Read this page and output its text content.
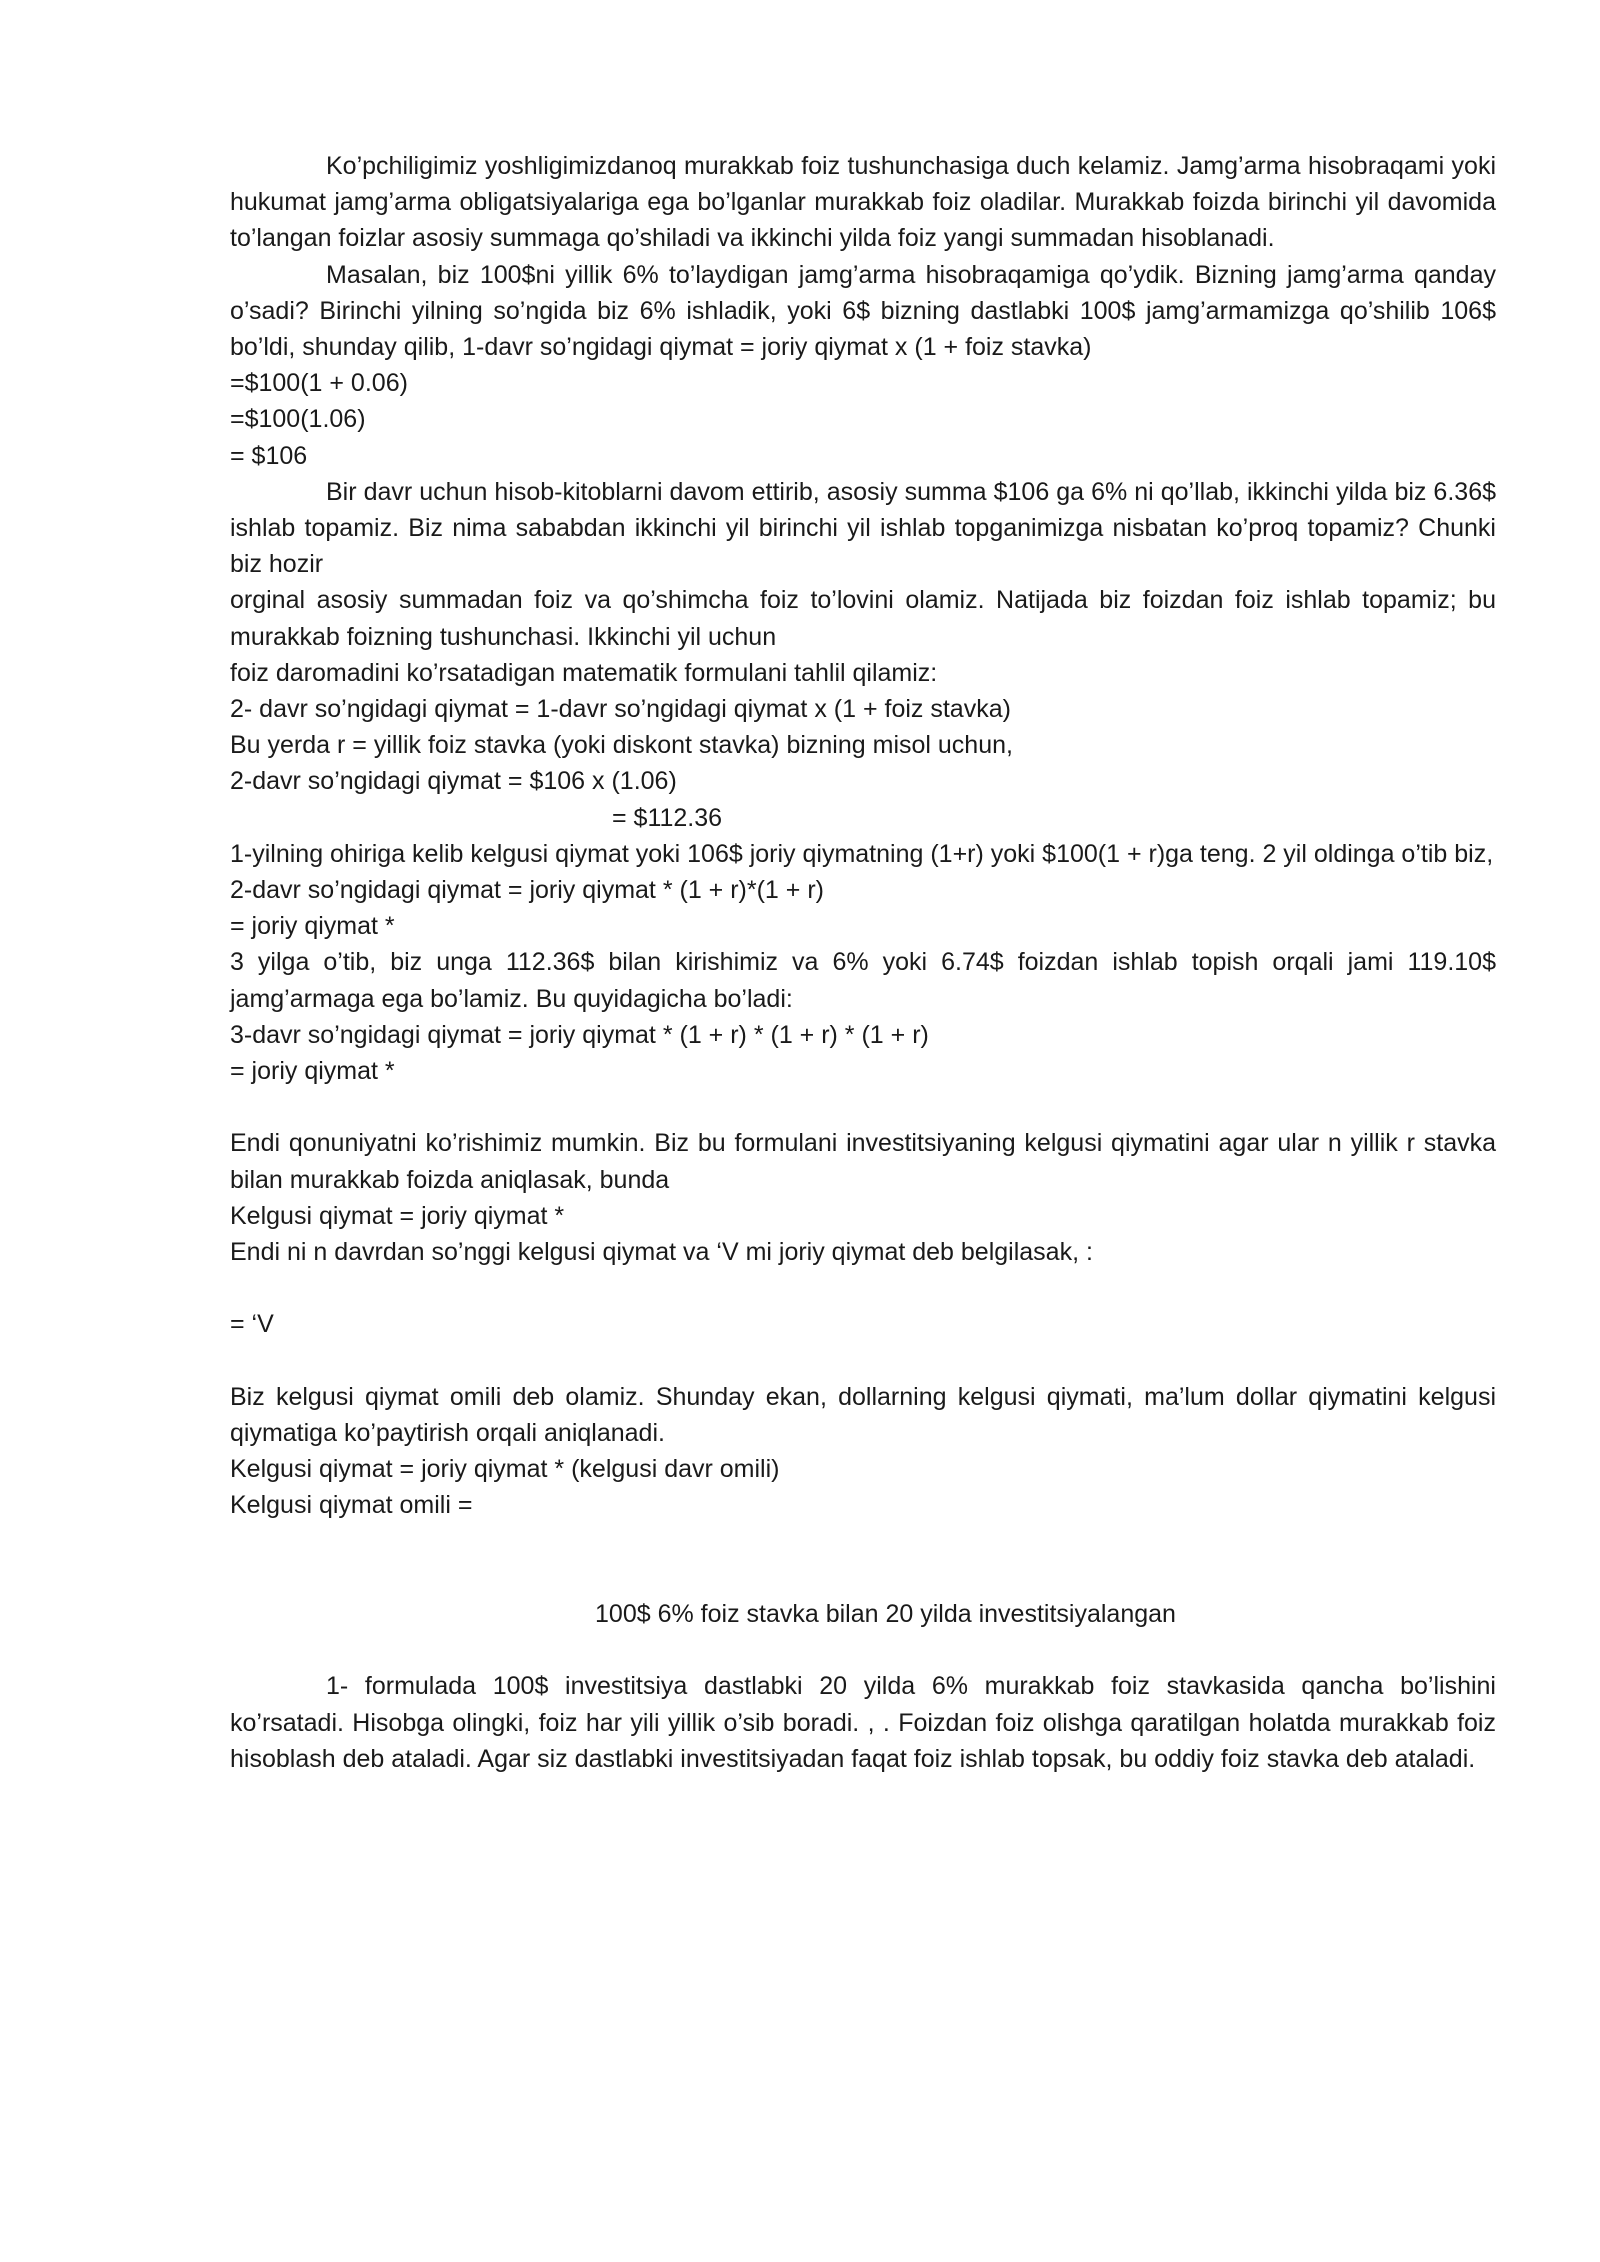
Ko’pchiligimiz yoshligimizdanoq murakkab foiz tushunchasiga duch kelamiz. Jamg’arma hisobraqami yoki hukumat jamg’arma obligatsiyalariga ega bo’lganlar murakkab foiz oladilar. Murakkab foizda birinchi yil davomida to’langan foizlar asosiy summaga qo’shiladi va ikkinchi yilda foiz yangi summadan hisoblanadi.

Masalan, biz 100$ni yillik 6% to’laydigan jamg’arma hisobraqamiga qo’ydik. Bizning jamg’arma qanday o’sadi? Birinchi yilning so’ngida biz 6% ishladik, yoki 6$ bizning dastlabki 100$ jamg’armamizga qo’shilib 106$ bo’ldi, shunday qilib, 1-davr so’ngidagi qiymat = joriy qiymat x (1 + foiz stavka)

=$100(1 + 0.06)

=$100(1.06)

= $106

Bir davr uchun hisob-kitoblarni davom ettirib, asosiy summa $106 ga 6% ni qo’llab, ikkinchi yilda biz 6.36$ ishlab topamiz. Biz nima sababdan ikkinchi yil birinchi yil ishlab topganimizga nisbatan ko’proq topamiz? Chunki biz hozir

orginal asosiy summadan foiz va qo’shimcha foiz to’lovini olamiz. Natijada biz foizdan foiz ishlab topamiz; bu murakkab foizning tushunchasi. Ikkinchi yil uchun

foiz daromadini ko’rsatadigan matematik formulani tahlil qilamiz:

2- davr so’ngidagi qiymat = 1-davr so’ngidagi qiymat x (1 + foiz stavka)

Bu yerda r = yillik foiz stavka (yoki diskont stavka) bizning misol uchun,

2-davr so’ngidagi qiymat = $106 x (1.06)

= $112.36

1-yilning ohiriga kelib kelgusi qiymat yoki 106$ joriy qiymatning (1+r) yoki $100(1 + r)ga teng. 2 yil oldinga o’tib biz,

2-davr so’ngidagi qiymat = joriy qiymat * (1 + r)*(1 + r)

= joriy qiymat *

3 yilga o’tib, biz unga 112.36$ bilan kirishimiz va 6% yoki 6.74$ foizdan ishlab topish orqali jami 119.10$ jamg’armaga ega bo’lamiz. Bu quyidagicha bo’ladi:

3-davr so’ngidagi qiymat = joriy qiymat * (1 + r) * (1 + r) * (1 + r)

= joriy qiymat *

Endi qonuniyatni ko’rishimiz mumkin. Biz bu formulani investitsiyaning kelgusi qiymatini agar ular n yillik r stavka bilan murakkab foizda aniqlasak, bunda

Kelgusi qiymat = joriy qiymat *

Endi ni n davrdan so’nggi kelgusi qiymat va ‘V mi joriy qiymat deb belgilasak, :

= ‘V

Biz kelgusi qiymat omili deb olamiz. Shunday ekan, dollarning kelgusi qiymati, ma’lum dollar qiymatini kelgusi qiymatiga ko’paytirish orqali aniqlanadi.

Kelgusi qiymat = joriy qiymat * (kelgusi davr omili)

Kelgusi qiymat omili =

100$ 6% foiz stavka bilan 20 yilda investitsiyalangan

1- formulada 100$ investitsiya dastlabki 20 yilda 6% murakkab foiz stavkasida qancha bo’lishini ko’rsatadi. Hisobga olingki, foiz har yili yillik o’sib boradi. , . Foizdan foiz olishga qaratilgan holatda murakkab foiz hisoblash deb ataladi. Agar siz dastlabki investitsiyadan faqat foiz ishlab topsak, bu oddiy foiz stavka deb ataladi.
